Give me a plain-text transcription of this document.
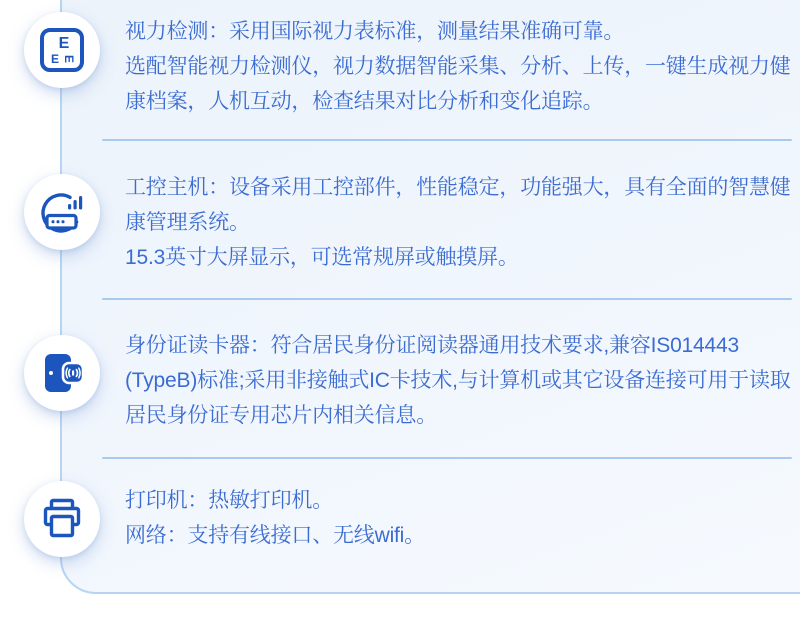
E
E E
视力检测：采用国际视力表标准，测量结果准确可靠。
选配智能视力检测仪，视力数据智能采集、分析、上传，一键生成视力健
康档案，人机互动，检查结果对比分析和变化追踪。
工控主机：设备采用工控部件，性能稳定，功能强大，具有全面的智慧健
康管理系统。
15.3英寸大屏显示，可选常规屏或触摸屏。
身份证读卡器：符合居民身份证阅读器通用技术要求,兼容IS014443
(TypeB)标准;采用非接触式IC卡技术,与计算机或其它设备连接可用于读取
居民身份证专用芯片内相关信息。
打印机：热敏打印机。
网络：支持有线接口、无线wifi。
